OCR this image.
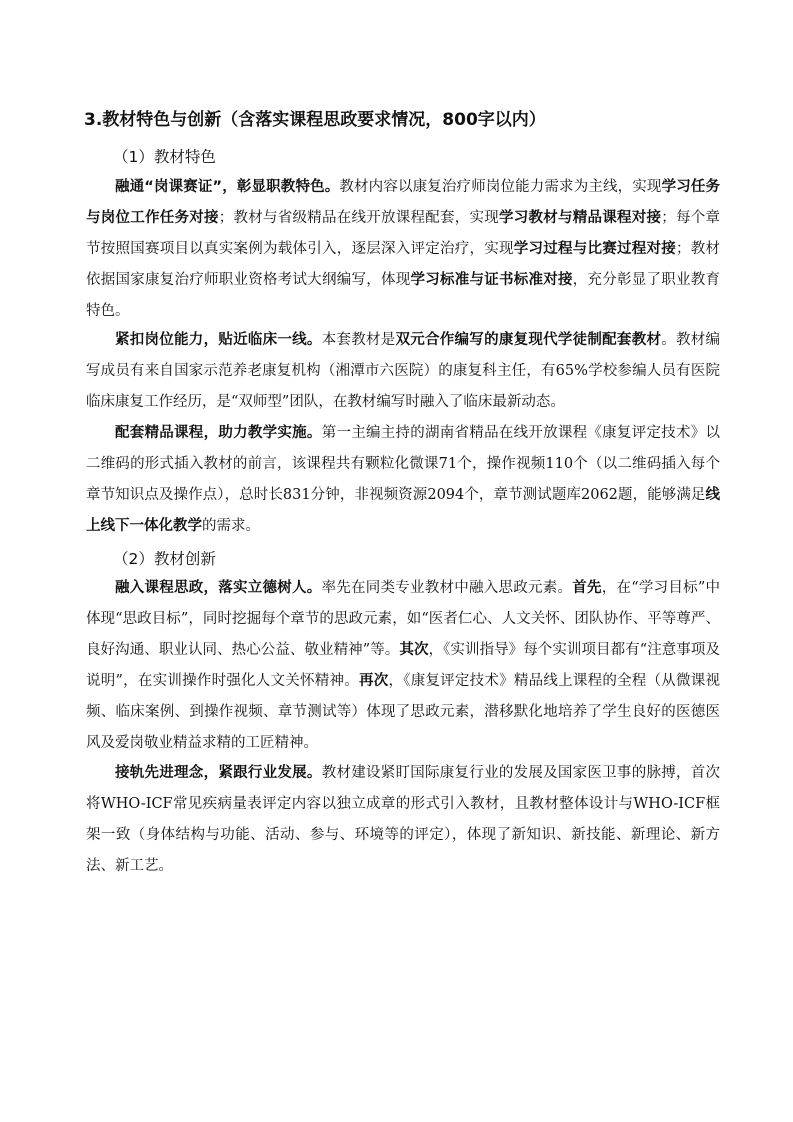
3.教材特色与创新（含落实课程思政要求情况，800字以内）
（1）教材特色

融通“岗课赛证”，彰显职教特色。教材内容以康复治疗师岗位能力需求为主线，实现学习任务与岗位工作任务对接；教材与省级精品在线开放课程配套，实现学习教材与精品课程对接；每个章节按照国赛项目以真实案例为载体引入，逐层深入评定治疗，实现学习过程与比赛过程对接；教材依据国家康复治疗师职业资格考试大纲编写，体现学习标准与证书标准对接，充分彰显了职业教育特色。

紧扣岗位能力，贴近临床一线。本套教材是双元合作编写的康复现代学徒制配套教材。教材编写成员有来自国家示范养老康复机构（湘潭市六医院）的康复科主任，有65%学校参编人员有医院临床康复工作经历，是“双师型”团队，在教材编写时融入了临床最新动态。

配套精品课程，助力教学实施。第一主编主持的湖南省精品在线开放课程《康复评定技术》以二维码的形式插入教材的前言，该课程共有颗粒化微课71个，操作视频110个（以二维码插入每个章节知识点及操作点），总时长831分钟，非视频资源2094个，章节测试题库2062题，能够满足线上线下一体化教学的需求。

（2）教材创新

融入课程思政，落实立德树人。率先在同类专业教材中融入思政元素。首先，在“学习目标”中体现“思政目标”，同时挖掘每个章节的思政元素，如“医者仁心、人文关怀、团队协作、平等尊严、良好沟通、职业认同、热心公益、敬业精神”等。其次，《实训指导》每个实训项目都有“注意事项及说明”，在实训操作时强化人文关怀精神。再次，《康复评定技术》精品线上课程的全程（从微课视频、临床案例、到操作视频、章节测试等）体现了思政元素，潜移默化地培养了学生良好的医德医风及爱岗敬业精益求精的工匠精神。

接轨先进理念，紧跟行业发展。教材建设紧盯国际康复行业的发展及国家医卫事的脉搏，首次将WHO-ICF常见疾病量表评定内容以独立成章的形式引入教材，且教材整体设计与WHO-ICF框架一致（身体结构与功能、活动、参与、环境等的评定），体现了新知识、新技能、新理论、新方法、新工艺。
